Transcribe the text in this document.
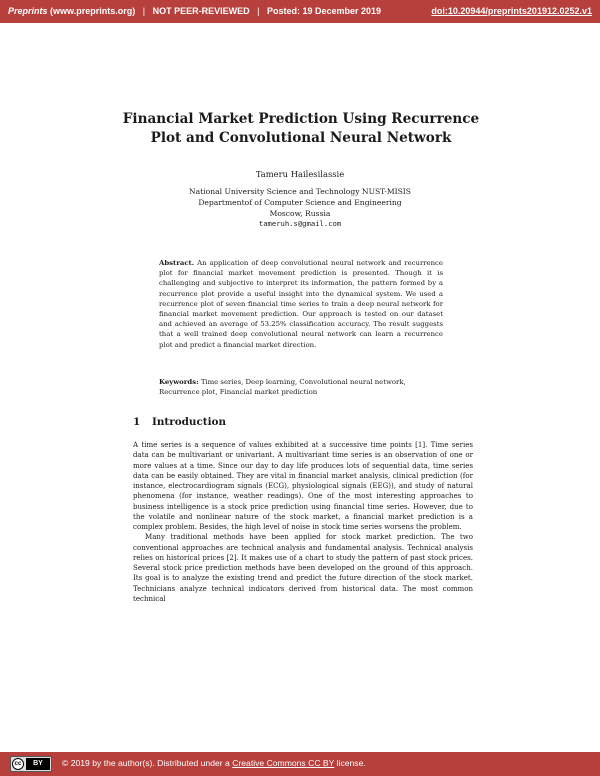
Preprints (www.preprints.org) | NOT PEER-REVIEWED | Posted: 19 December 2019	doi:10.20944/preprints201912.0252.v1
Financial Market Prediction Using Recurrence
Plot and Convolutional Neural Network
Tameru Hailesilassie
National University Science and Technology NUST-MISIS
Departmentof of Computer Science and Engineering
Moscow, Russia
tameruh.s@gmail.com
Abstract. An application of deep convolutional neural network and recurrence plot for financial market movement prediction is presented. Though it is challenging and subjective to interpret its information, the pattern formed by a recurrence plot provide a useful insight into the dynamical system. We used a recurrence plot of seven financial time series to train a deep neural network for financial market movement prediction. Our approach is tested on our dataset and achieved an average of 53.25% classification accuracy. The result suggests that a well trained deep convolutional neural network can learn a recurrence plot and predict a financial market direction.
Keywords: Time series, Deep learning, Convolutional neural network, Recurrence plot, Financial market prediction
1 Introduction

A time series is a sequence of values exhibited at a successive time points [1]. Time series data can be multivariant or univariant. A multivariant time series is an observation of one or more values at a time. Since our day to day life produces lots of sequential data, time series data can be easily obtained. They are vital in financial market analysis, clinical prediction (for instance, electrocardiogram signals (ECG), physiological signals (EEG)), and study of natural phenomena (for instance, weather readings). One of the most interesting approaches to business intelligence is a stock price prediction using financial time series. However, due to the volatile and nonlinear nature of the stock market, a financial market prediction is a complex problem. Besides, the high level of noise in stock time series worsens the problem.

Many traditional methods have been applied for stock market prediction. The two conventional approaches are technical analysis and fundamental analysis. Technical analysis relies on historical prices [2]. It makes use of a chart to study the pattern of past stock prices. Several stock price prediction methods have been developed on the ground of this approach. Its goal is to analyze the existing trend and predict the future direction of the stock market. Technicians analyze technical indicators derived from historical data. The most common technical

cc	BY	© 2019 by the author(s). Distributed under a Creative Commons CC BY license.
